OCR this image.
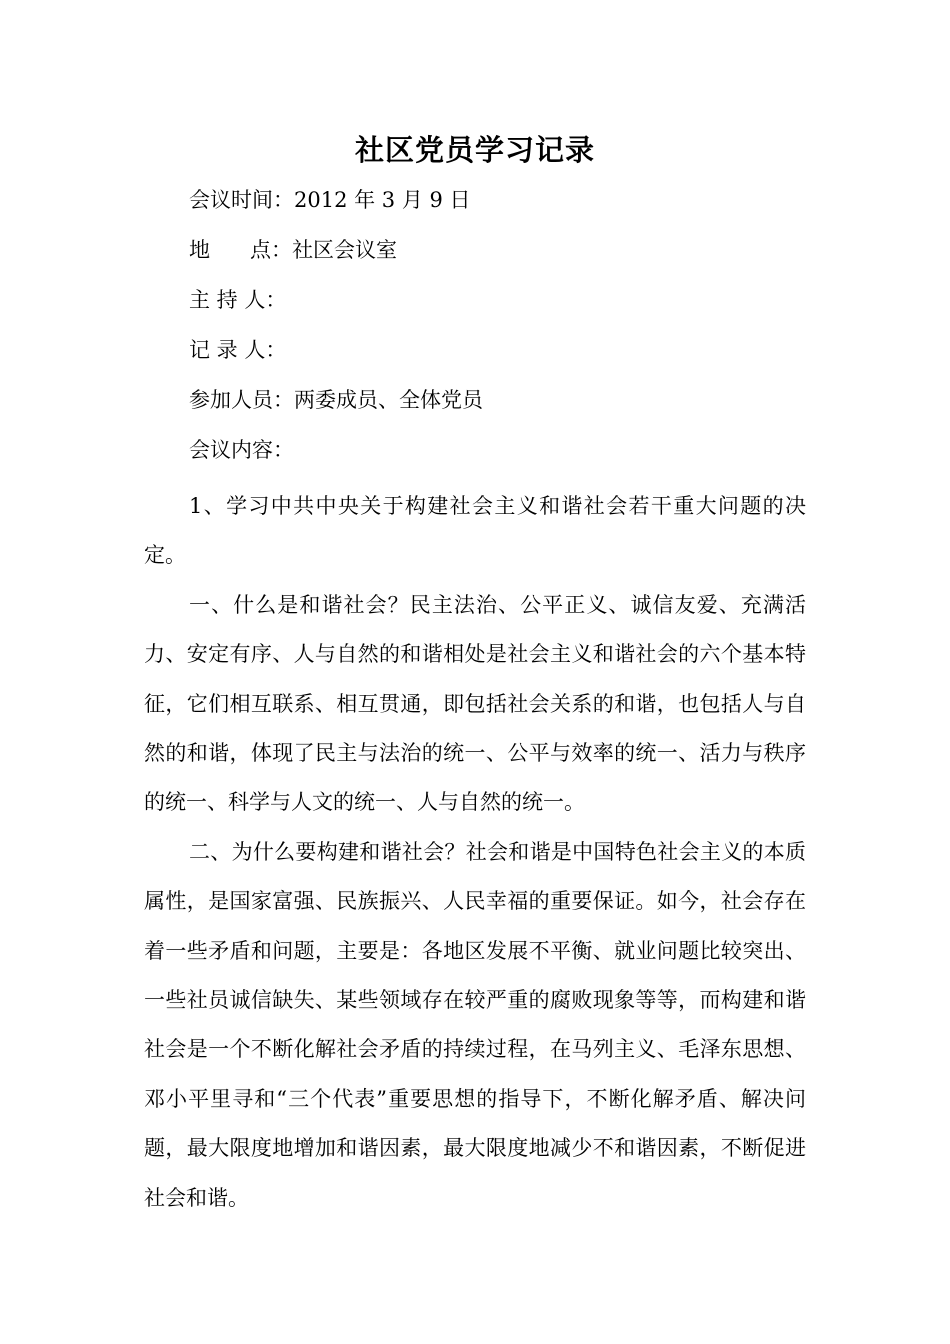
社区党员学习记录
会议时间：2012 年 3 月 9 日
地      点：社区会议室
主 持 人：
记 录 人：
参加人员：两委成员、全体党员
会议内容：

1、学习中共中央关于构建社会主义和谐社会若干重大问题的决定。

一、什么是和谐社会？民主法治、公平正义、诚信友爱、充满活力、安定有序、人与自然的和谐相处是社会主义和谐社会的六个基本特征，它们相互联系、相互贯通，即包括社会关系的和谐，也包括人与自然的和谐，体现了民主与法治的统一、公平与效率的统一、活力与秩序的统一、科学与人文的统一、人与自然的统一。

二、为什么要构建和谐社会？社会和谐是中国特色社会主义的本质属性，是国家富强、民族振兴、人民幸福的重要保证。如今，社会存在着一些矛盾和问题，主要是：各地区发展不平衡、就业问题比较突出、一些社员诚信缺失、某些领域存在较严重的腐败现象等等，而构建和谐社会是一个不断化解社会矛盾的持续过程，在马列主义、毛泽东思想、邓小平里寻和“三个代表”重要思想的指导下，不断化解矛盾、解决问题，最大限度地增加和谐因素，最大限度地减少不和谐因素，不断促进社会和谐。
